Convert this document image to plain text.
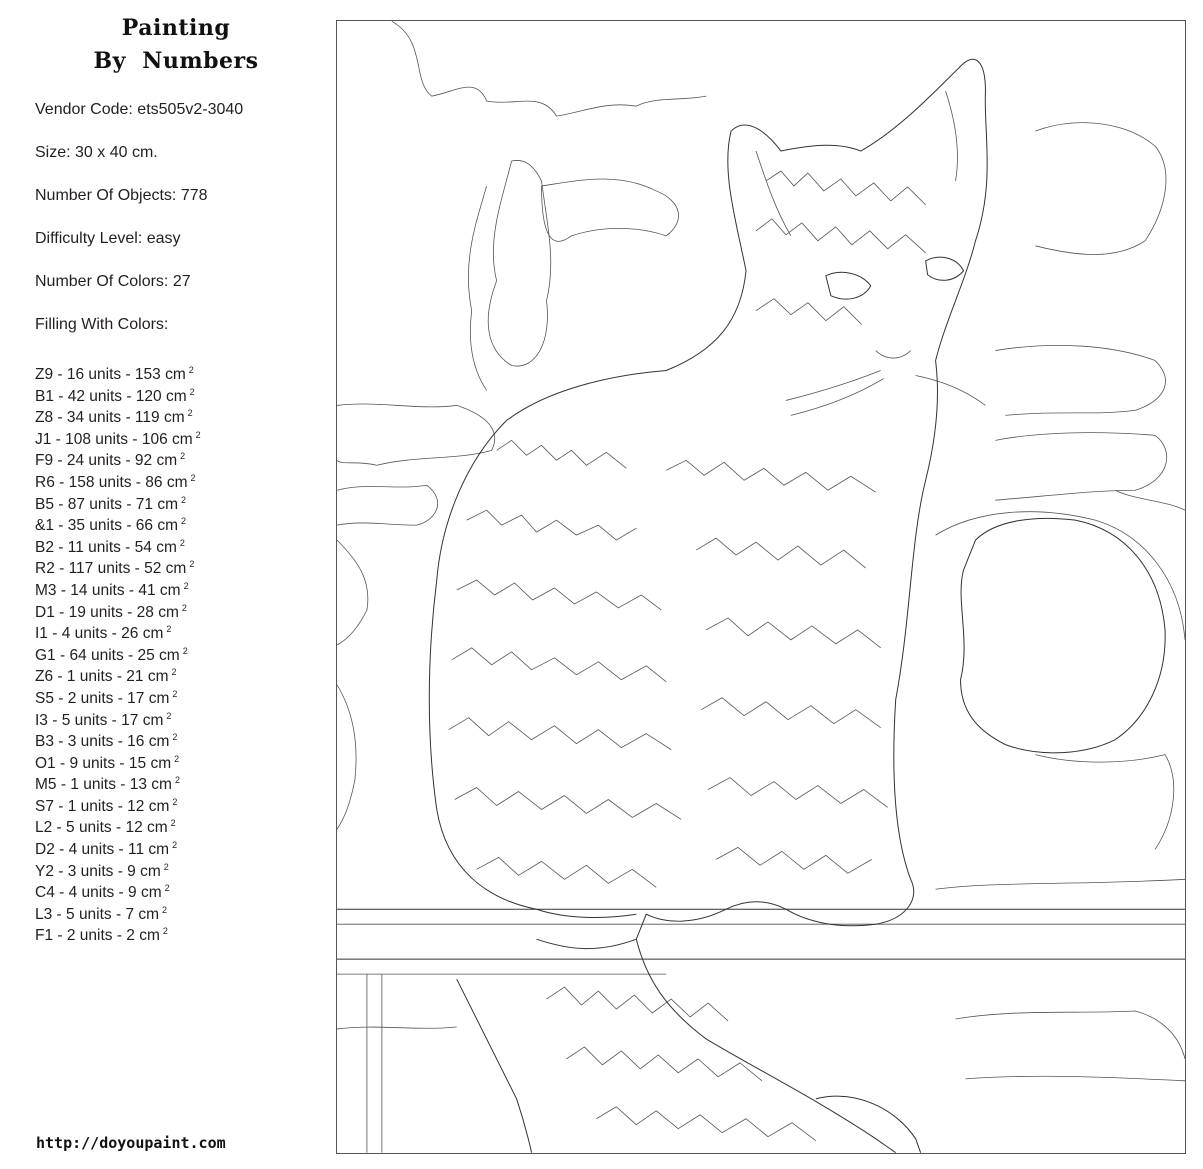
Painting
By  Numbers
Vendor Code: ets505v2-3040
Size: 30 x 40 cm.
Number Of Objects: 778
Difficulty Level: easy
Number Of Colors: 27
Filling With Colors:
Z9 - 16 units - 153 cm $^2$
B1 - 42 units - 120 cm $^2$
Z8 - 34 units - 119 cm $^2$
J1 - 108 units - 106 cm $^2$
F9 - 24 units - 92 cm $^2$
R6 - 158 units - 86 cm $^2$
B5 - 87 units - 71 cm $^2$
&1 - 35 units - 66 cm $^2$
B2 - 11 units - 54 cm $^2$
R2 - 117 units - 52 cm $^2$
M3 - 14 units - 41 cm $^2$
D1 - 19 units - 28 cm $^2$
I1 - 4 units - 26 cm $^2$
G1 - 64 units - 25 cm $^2$
Z6 - 1 units - 21 cm $^2$
S5 - 2 units - 17 cm $^2$
I3 - 5 units - 17 cm $^2$
B3 - 3 units - 16 cm $^2$
O1 - 9 units - 15 cm $^2$
M5 - 1 units - 13 cm $^2$
S7 - 1 units - 12 cm $^2$
L2 - 5 units - 12 cm $^2$
D2 - 4 units - 11 cm $^2$
Y2 - 3 units - 9 cm $^2$
C4 - 4 units - 9 cm $^2$
L3 - 5 units - 7 cm $^2$
F1 - 2 units - 2 cm $^2$
http://doyoupaint.com
